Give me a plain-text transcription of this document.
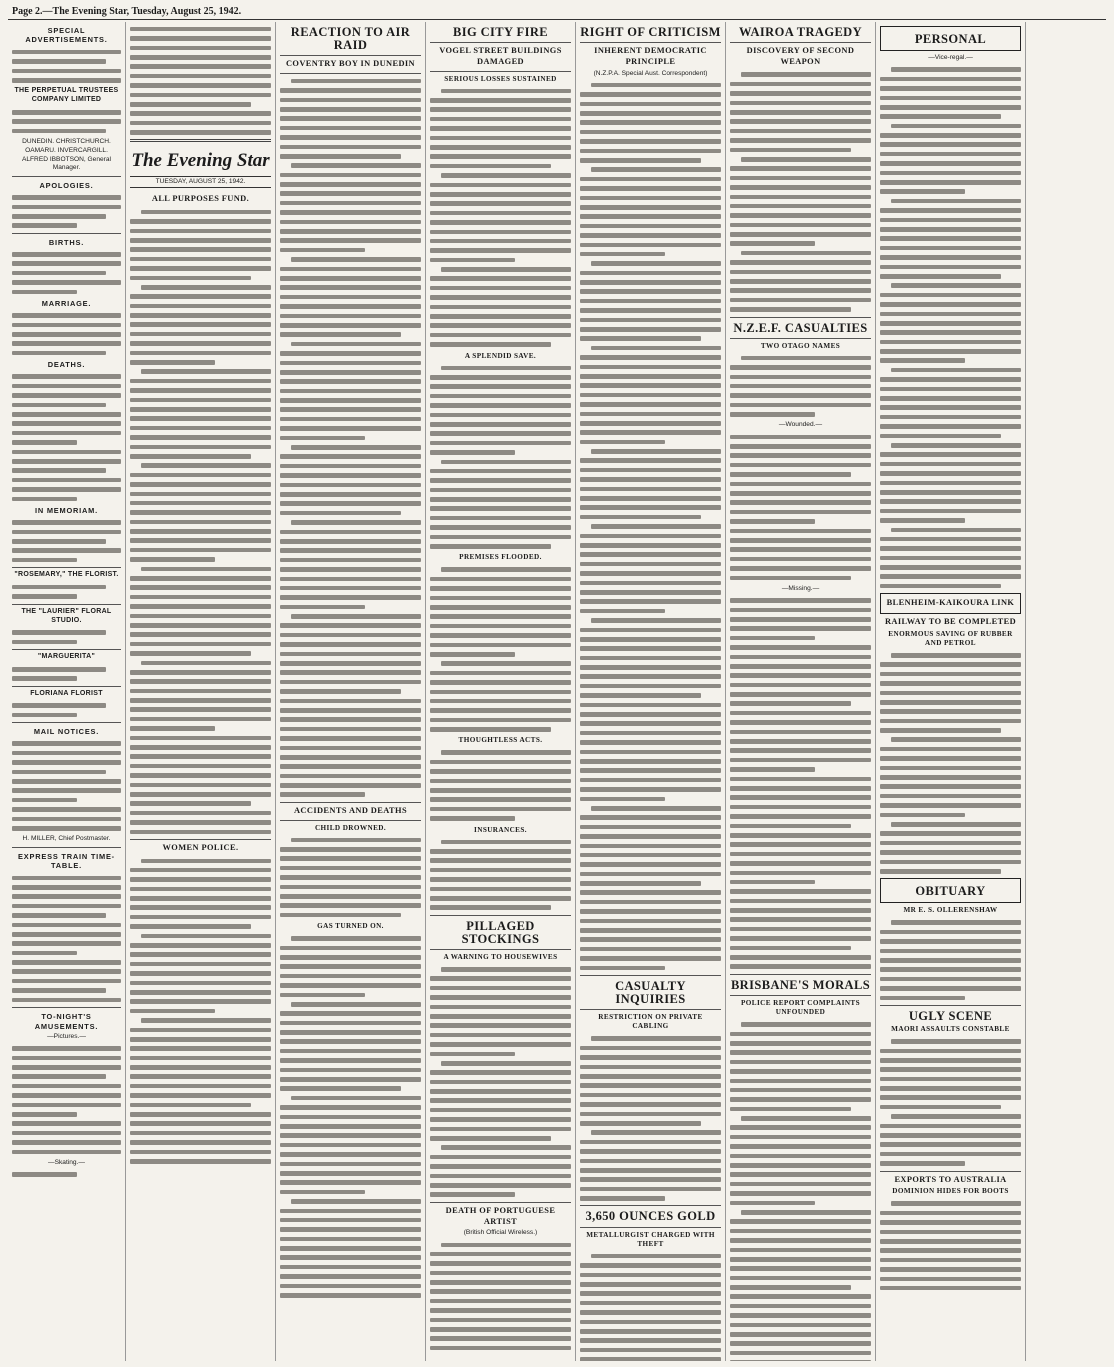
Page 2.—The Evening Star, Tuesday, August 25, 1942.
SPECIAL ADVERTISEMENTS.
THE PERPETUAL TRUSTEES COMPANY LIMITED
DUNEDIN. CHRISTCHURCH. OAMARU. INVERCARGILL.
ALFRED IBBOTSON, General Manager.
APOLOGIES.
BIRTHS.
MARRIAGE.
DEATHS.
IN MEMORIAM.
"ROSEMARY," THE FLORIST.
THE "LAURIER" FLORAL STUDIO.
"MARGUERITA"
FLORIANA FLORIST
MAIL NOTICES.
H. MILLER, Chief Postmaster.
EXPRESS TRAIN TIME-TABLE.
TO-NIGHT'S AMUSEMENTS.
—Pictures.—
—Skating.—
The Evening Star
TUESDAY, AUGUST 25, 1942.
ALL PURPOSES FUND.
WOMEN POLICE.
REACTION TO AIR RAID
COVENTRY BOY IN DUNEDIN
ACCIDENTS AND DEATHS
CHILD DROWNED.
GAS TURNED ON.
BIG CITY FIRE
VOGEL STREET BUILDINGS DAMAGED
SERIOUS LOSSES SUSTAINED
A SPLENDID SAVE.
PREMISES FLOODED.
THOUGHTLESS ACTS.
INSURANCES.
PILLAGED STOCKINGS
A WARNING TO HOUSEWIVES
DEATH OF PORTUGUESE ARTIST
(British Official Wireless.)
RIGHT OF CRITICISM
INHERENT DEMOCRATIC PRINCIPLE
(N.Z.P.A. Special Aust. Correspondent)
CASUALTY INQUIRIES
RESTRICTION ON PRIVATE CABLING
3,650 OUNCES GOLD
METALLURGIST CHARGED WITH THEFT
WAIROA TRAGEDY
DISCOVERY OF SECOND WEAPON
N.Z.E.F. CASUALTIES
TWO OTAGO NAMES
—Wounded.—
—Missing.—
BRISBANE'S MORALS
POLICE REPORT COMPLAINTS UNFOUNDED
PERSONAL
—Vice-regal.—
BLENHEIM-KAIKOURA LINK
RAILWAY TO BE COMPLETED
ENORMOUS SAVING OF RUBBER AND PETROL
OBITUARY
MR E. S. OLLERENSHAW
UGLY SCENE
MAORI ASSAULTS CONSTABLE
EXPORTS TO AUSTRALIA
DOMINION HIDES FOR BOOTS
